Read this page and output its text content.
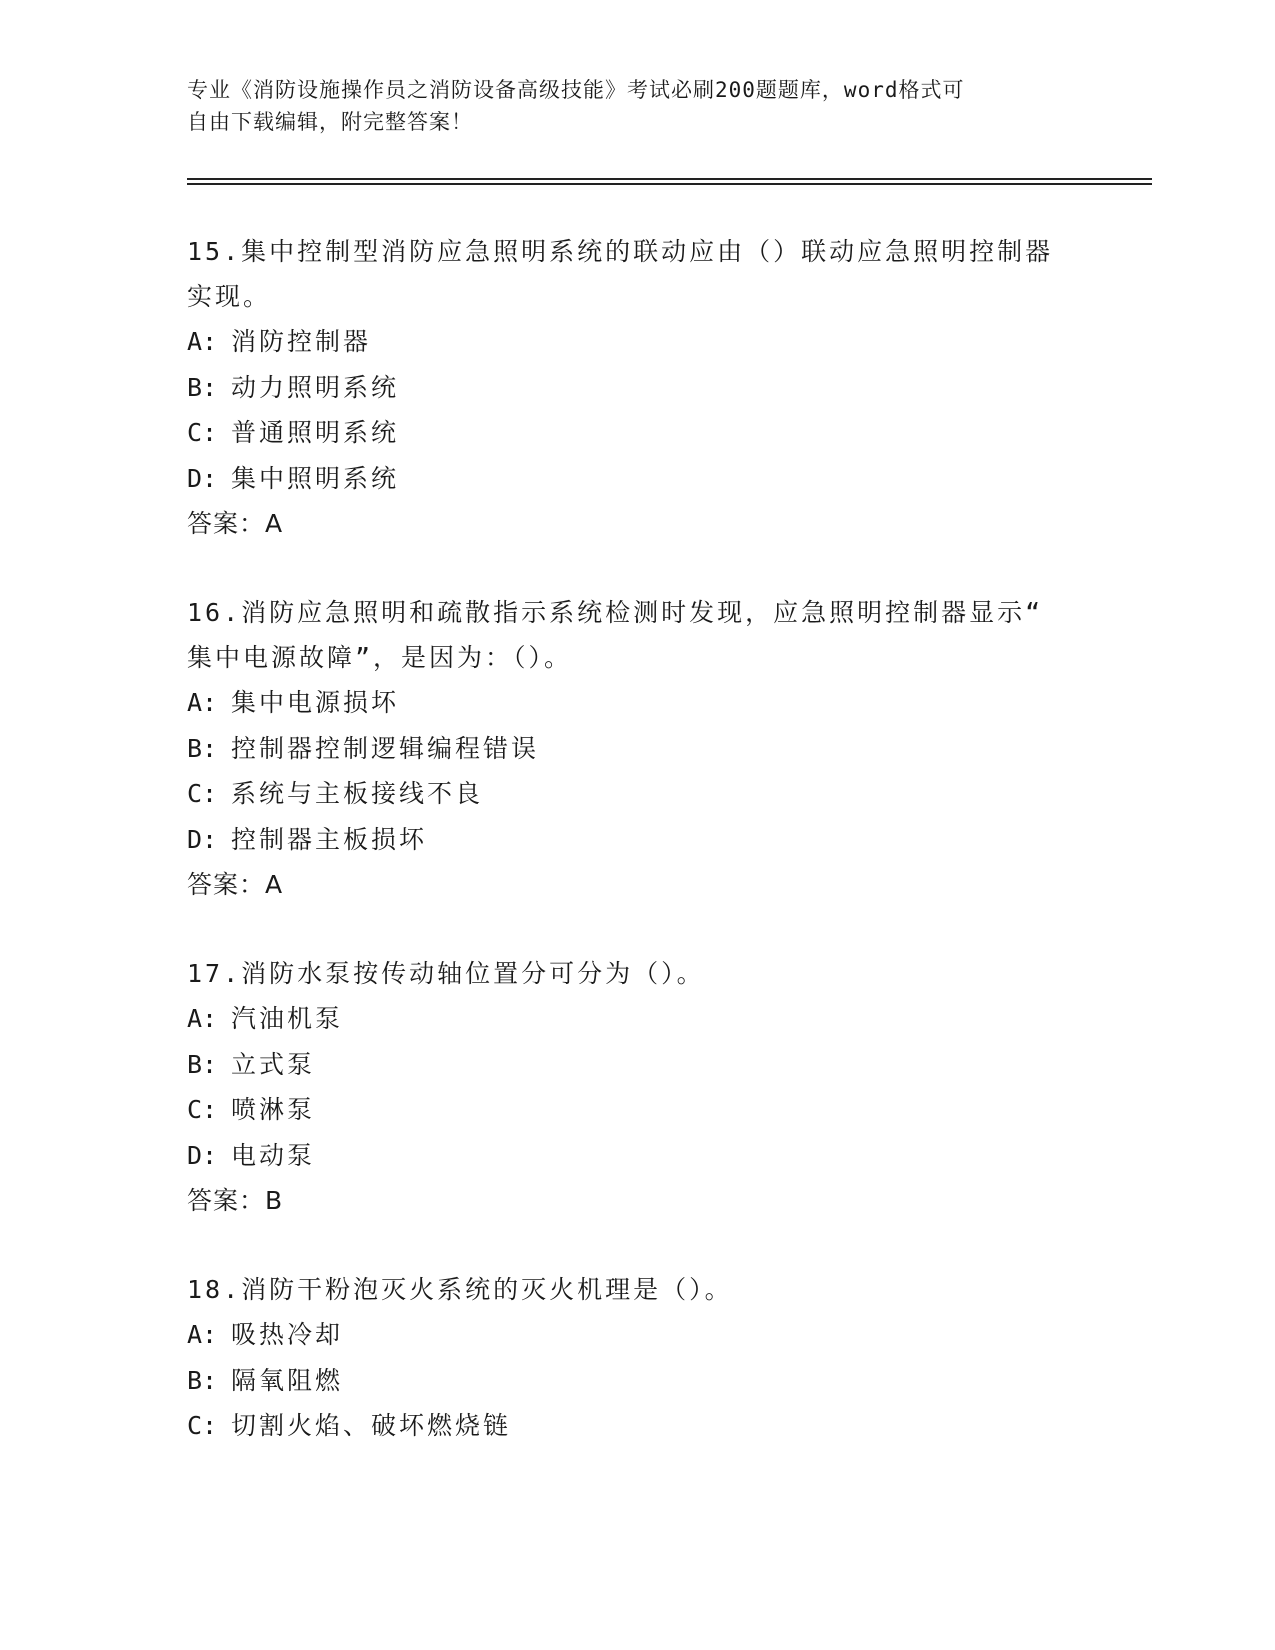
专业《消防设施操作员之消防设备高级技能》考试必刷200题题库，word格式可
自由下载编辑，附完整答案！
15.集中控制型消防应急照明系统的联动应由（）联动应急照明控制器
实现。
A: 消防控制器
B: 动力照明系统
C: 普通照明系统
D: 集中照明系统
答案：A
16.消防应急照明和疏散指示系统检测时发现，应急照明控制器显示“
集中电源故障”，是因为：（）。
A: 集中电源损坏
B: 控制器控制逻辑编程错误
C: 系统与主板接线不良
D: 控制器主板损坏
答案：A
17.消防水泵按传动轴位置分可分为（）。
A: 汽油机泵
B: 立式泵
C: 喷淋泵
D: 电动泵
答案：B
18.消防干粉泡灭火系统的灭火机理是（）。
A: 吸热冷却
B: 隔氧阻燃
C: 切割火焰、破坏燃烧链
